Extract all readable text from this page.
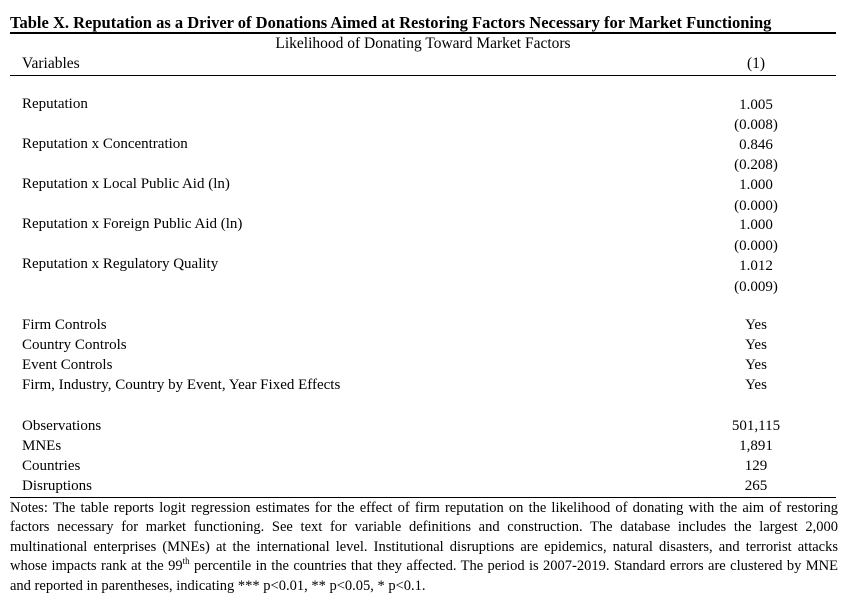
Table X. Reputation as a Driver of Donations Aimed at Restoring Factors Necessary for Market Functioning
Likelihood of Donating Toward Market Factors
Variables	(1)
Reputation	1.005
(0.008)
Reputation x Concentration	0.846
(0.208)
Reputation x Local Public Aid (ln)	1.000
(0.000)
Reputation x Foreign Public Aid (ln)	1.000
(0.000)
Reputation x Regulatory Quality	1.012
(0.009)
Firm Controls	Yes
Country Controls	Yes
Event Controls	Yes
Firm, Industry, Country by Event, Year Fixed Effects	Yes
Observations	501,115
MNEs	1,891
Countries	129
Disruptions	265
Notes: The table reports logit regression estimates for the effect of firm reputation on the likelihood of donating with the aim of restoring factors necessary for market functioning. See text for variable definitions and construction. The database includes the largest 2,000 multinational enterprises (MNEs) at the international level. Institutional disruptions are epidemics, natural disasters, and terrorist attacks whose impacts rank at the 99th percentile in the countries that they affected. The period is 2007-2019. Standard errors are clustered by MNE and reported in parentheses, indicating *** p<0.01, ** p<0.05, * p<0.1.
